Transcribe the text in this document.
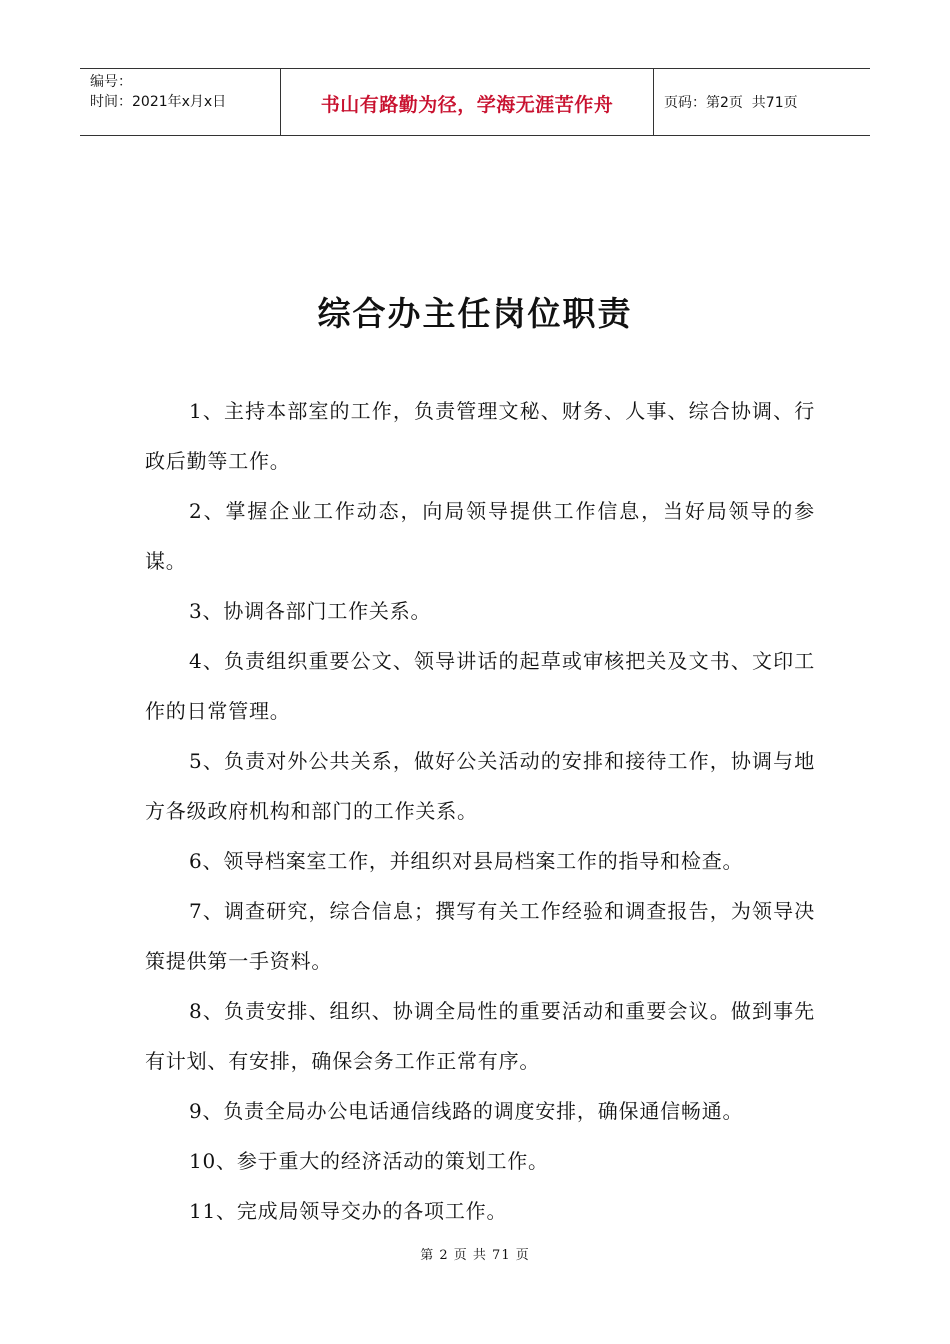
编号：
时间：2021年x月x日	书山有路勤为径，学海无涯苦作舟	页码：第2页  共71页
综合办主任岗位职责

1、主持本部室的工作，负责管理文秘、财务、人事、综合协调、行政后勤等工作。

2、掌握企业工作动态，向局领导提供工作信息，当好局领导的参谋。

3、协调各部门工作关系。

4、负责组织重要公文、领导讲话的起草或审核把关及文书、文印工作的日常管理。

5、负责对外公共关系，做好公关活动的安排和接待工作，协调与地方各级政府机构和部门的工作关系。

6、领导档案室工作，并组织对县局档案工作的指导和检查。

7、调查研究，综合信息；撰写有关工作经验和调查报告，为领导决策提供第一手资料。

8、负责安排、组织、协调全局性的重要活动和重要会议。做到事先有计划、有安排，确保会务工作正常有序。

9、负责全局办公电话通信线路的调度安排，确保通信畅通。

10、参于重大的经济活动的策划工作。

11、完成局领导交办的各项工作。

第 2 页 共 71 页
